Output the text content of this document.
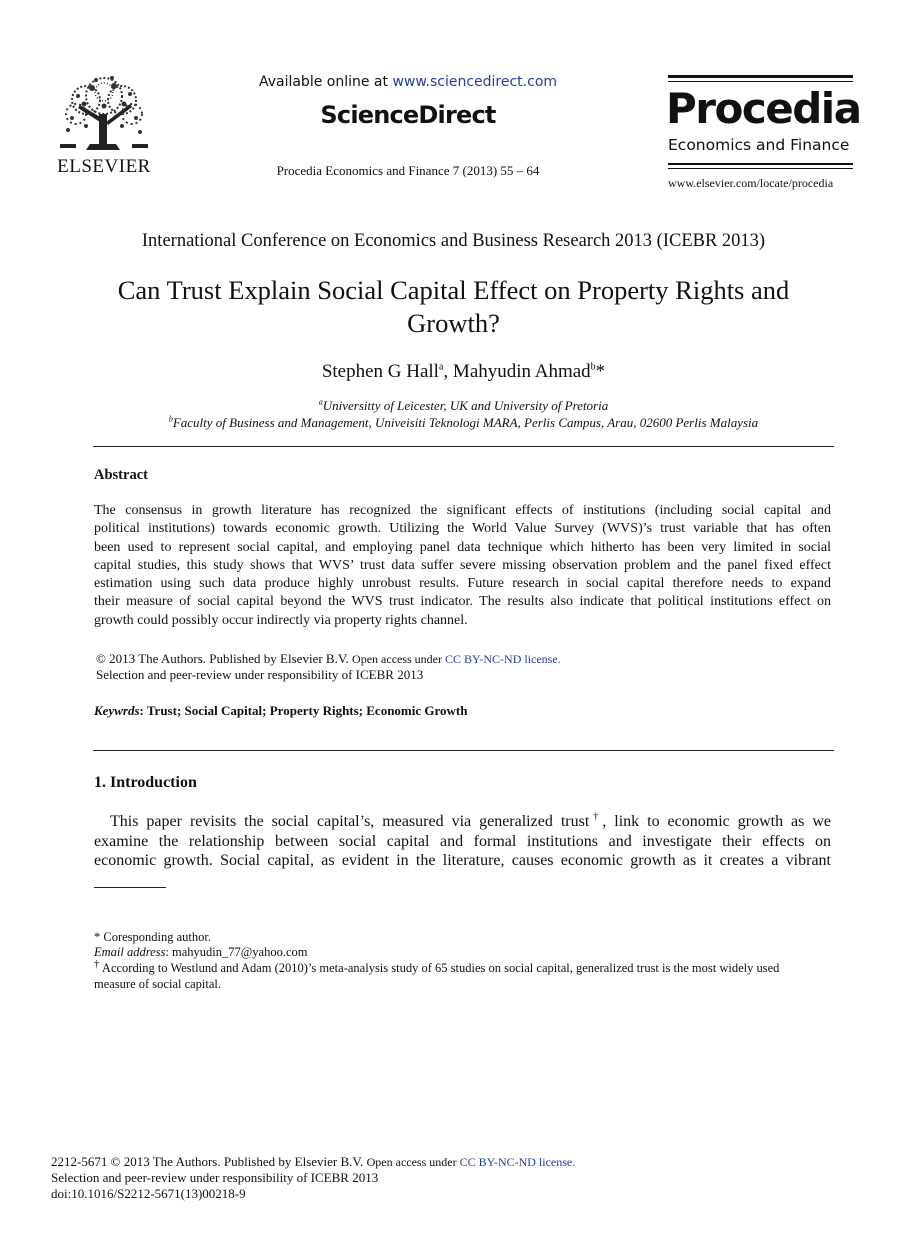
ELSEVIER
Available online at www.sciencedirect.com
ScienceDirect
Procedia Economics and Finance 7 (2013) 55 – 64
Procedia
Economics and Finance
www.elsevier.com/locate/procedia
International Conference on Economics and Business Research 2013 (ICEBR 2013)
Can Trust Explain Social Capital Effect on Property Rights and
Growth?
Stephen G Hall$^a$, Mahyudin Ahmad$^b$*
$^a$Universitty of Leicester, UK and University of Pretoria
$^b$Faculty of Business and Management, Univeisiti Teknologi MARA, Perlis Campus, Arau, 02600 Perlis Malaysia
Abstract
The consensus in growth literature has recognized the significant effects of institutions (including social capital and
political institutions) towards economic growth. Utilizing the World Value Survey (WVS)’s trust variable that has often
been used to represent social capital, and employing panel data technique which hitherto has been very limited in social
capital studies, this study shows that WVS’ trust data suffer severe missing observation problem and the panel fixed effect
estimation using such data produce highly unrobust results. Future research in social capital therefore needs to expand
their measure of social capital beyond the WVS trust indicator. The results also indicate that political institutions effect on
growth could possibly occur indirectly via property rights channel.
© 2013 The Authors. Published by Elsevier B.V. Open access under CC BY-NC-ND license.
Selection and peer-review under responsibility of ICEBR 2013
Keywrds: Trust; Social Capital; Property Rights; Economic Growth
1. Introduction
This paper revisits the social capital’s, measured via generalized trust†, link to economic growth as we
examine the relationship between social capital and formal institutions and investigate their effects on
economic growth. Social capital, as evident in the literature, causes economic growth as it creates a vibrant
* Coresponding author.
Email address: mahyudin_77@yahoo.com
† According to Westlund and Adam (2010)’s meta-analysis study of 65 studies on social capital, generalized trust is the most widely used
measure of social capital.
2212-5671 © 2013 The Authors. Published by Elsevier B.V. Open access under CC BY-NC-ND license.
Selection and peer-review under responsibility of ICEBR 2013
doi:10.1016/S2212-5671(13)00218-9
